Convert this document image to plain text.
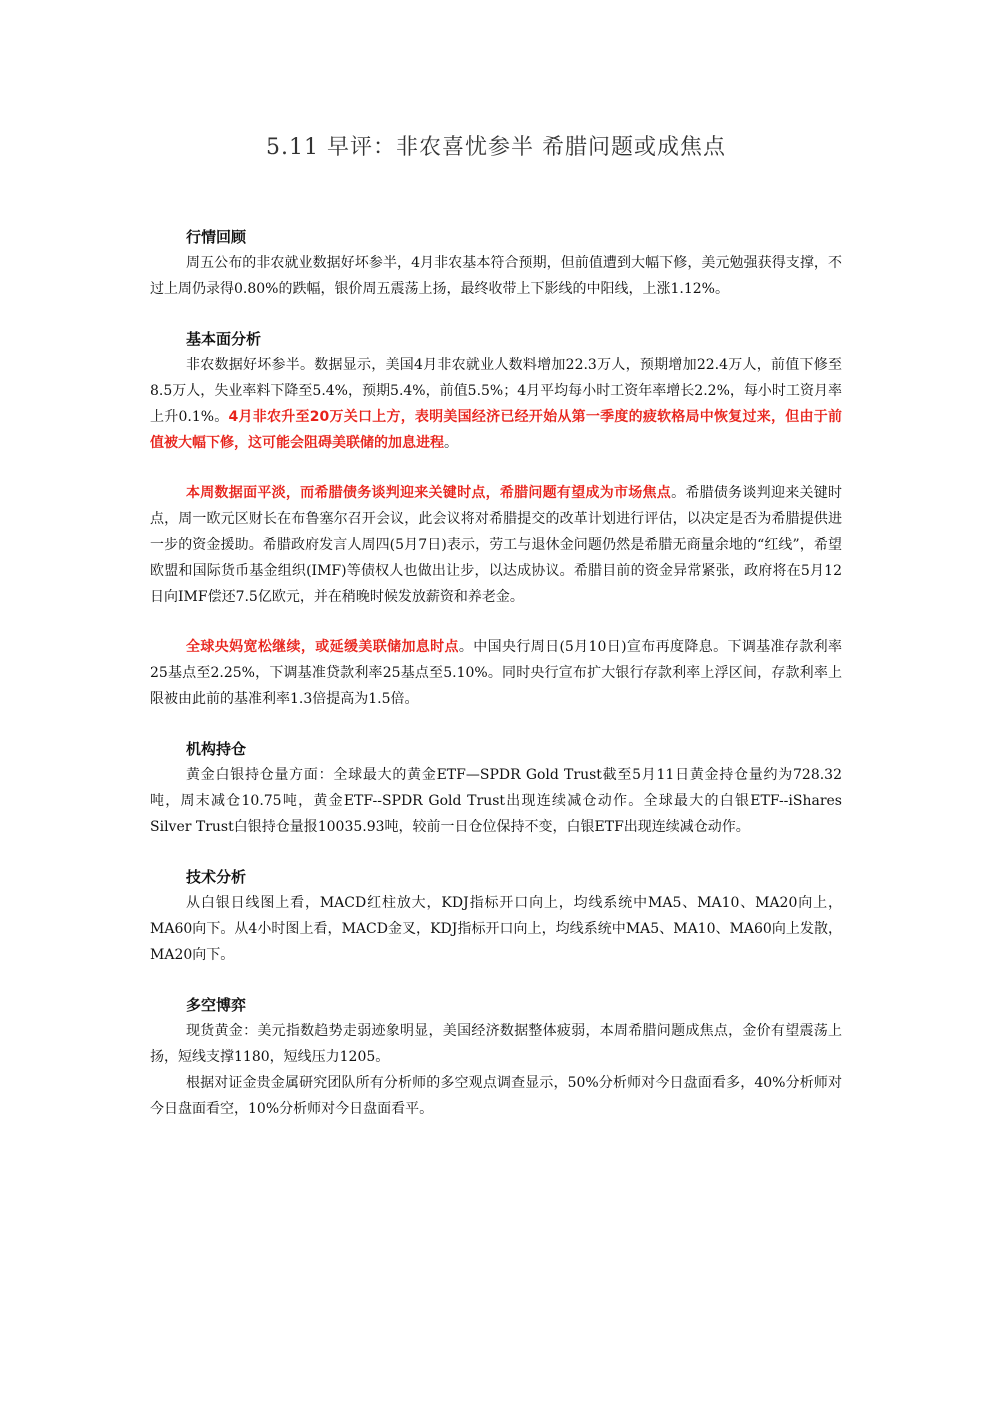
5.11 早评：非农喜忧参半 希腊问题或成焦点
行情回顾

周五公布的非农就业数据好坏参半，4月非农基本符合预期，但前值遭到大幅下修，美元勉强获得支撑，不过上周仍录得0.80%的跌幅，银价周五震荡上扬，最终收带上下影线的中阳线，上涨1.12%。

基本面分析

非农数据好坏参半。数据显示，美国4月非农就业人数料增加22.3万人，预期增加22.4万人，前值下修至8.5万人，失业率料下降至5.4%，预期5.4%，前值5.5%；4月平均每小时工资年率增长2.2%，每小时工资月率上升0.1%。4月非农升至20万关口上方，表明美国经济已经开始从第一季度的疲软格局中恢复过来，但由于前值被大幅下修，这可能会阻碍美联储的加息进程。

本周数据面平淡，而希腊债务谈判迎来关键时点，希腊问题有望成为市场焦点。希腊债务谈判迎来关键时点，周一欧元区财长在布鲁塞尔召开会议，此会议将对希腊提交的改革计划进行评估，以决定是否为希腊提供进一步的资金援助。希腊政府发言人周四(5月7日)表示，劳工与退休金问题仍然是希腊无商量余地的“红线”，希望欧盟和国际货币基金组织(IMF)等债权人也做出让步，以达成协议。希腊目前的资金异常紧张，政府将在5月12日向IMF偿还7.5亿欧元，并在稍晚时候发放薪资和养老金。

全球央妈宽松继续，或延缓美联储加息时点。中国央行周日(5月10日)宣布再度降息。下调基准存款利率25基点至2.25%，下调基准贷款利率25基点至5.10%。同时央行宣布扩大银行存款利率上浮区间，存款利率上限被由此前的基准利率1.3倍提高为1.5倍。

机构持仓

黄金白银持仓量方面：全球最大的黄金ETF—SPDR Gold Trust截至5月11日黄金持仓量约为728.32吨，周末减仓10.75吨，黄金ETF--SPDR Gold Trust出现连续减仓动作。全球最大的白银ETF--iShares Silver Trust白银持仓量报10035.93吨，较前一日仓位保持不变，白银ETF出现连续减仓动作。

技术分析

从白银日线图上看，MACD红柱放大，KDJ指标开口向上，均线系统中MA5、MA10、MA20向上，MA60向下。从4小时图上看，MACD金叉，KDJ指标开口向上，均线系统中MA5、MA10、MA60向上发散，MA20向下。

多空博弈

现货黄金：美元指数趋势走弱迹象明显，美国经济数据整体疲弱，本周希腊问题成焦点，金价有望震荡上扬，短线支撑1180，短线压力1205。

根据对证金贵金属研究团队所有分析师的多空观点调查显示，50%分析师对今日盘面看多，40%分析师对今日盘面看空，10%分析师对今日盘面看平。
